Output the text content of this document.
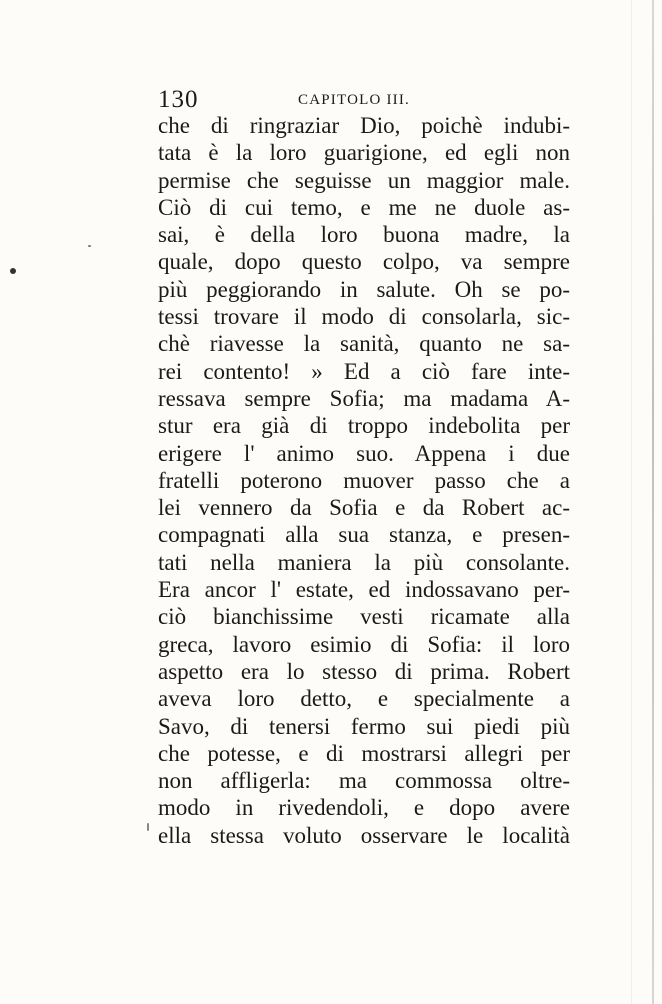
130	CAPITOLO III.
che di ringraziar Dio, poichè indubi-
tata è la loro guarigione, ed egli non
permise che seguisse un maggior male.
Ciò di cui temo, e me ne duole as-
sai, è della loro buona madre, la
quale, dopo questo colpo, va sempre
più peggiorando in salute. Oh se po-
tessi trovare il modo di consolarla, sic-
chè riavesse la sanità, quanto ne sa-
rei contento! » Ed a ciò fare inte-
ressava sempre Sofia; ma madama A-
stur era già di troppo indebolita per
erigere l' animo suo. Appena i due
fratelli poterono muover passo che a
lei vennero da Sofia e da Robert ac-
compagnati alla sua stanza, e presen-
tati nella maniera la più consolante.
Era ancor l' estate, ed indossavano per-
ciò bianchissime vesti ricamate alla
greca, lavoro esimio di Sofia: il loro
aspetto era lo stesso di prima. Robert
aveva loro detto, e specialmente a
Savo, di tenersi fermo sui piedi più
che potesse, e di mostrarsi allegri per
non affligerla: ma commossa oltre-
modo in rivedendoli, e dopo avere
ella stessa voluto osservare le località
